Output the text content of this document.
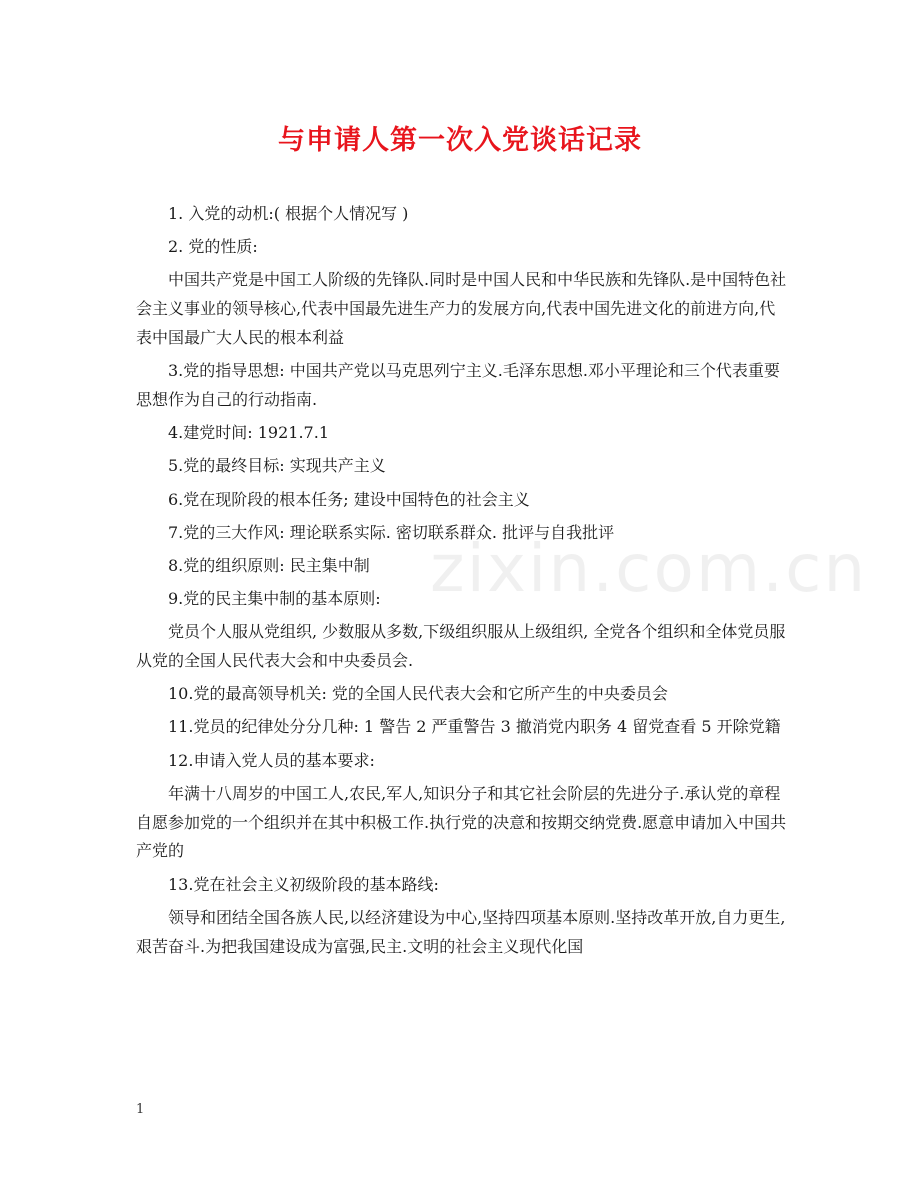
与申请人第一次入党谈话记录

1. 入党的动机:( 根据个人情况写 )

2. 党的性质:

中国共产党是中国工人阶级的先锋队.同时是中国人民和中华民族和先锋队.是中国特色社会主义事业的领导核心,代表中国最先进生产力的发展方向,代表中国先进文化的前进方向,代表中国最广大人民的根本利益

3.党的指导思想: 中国共产党以马克思列宁主义.毛泽东思想.邓小平理论和三个代表重要思想作为自己的行动指南.

4.建党时间: 1921.7.1

5.党的最终目标: 实现共产主义

6.党在现阶段的根本任务; 建设中国特色的社会主义

7.党的三大作风: 理论联系实际. 密切联系群众. 批评与自我批评

8.党的组织原则: 民主集中制

9.党的民主集中制的基本原则:

党员个人服从党组织, 少数服从多数,下级组织服从上级组织, 全党各个组织和全体党员服从党的全国人民代表大会和中央委员会.

10.党的最高领导机关: 党的全国人民代表大会和它所产生的中央委员会

11.党员的纪律处分分几种: 1 警告 2 严重警告 3 撤消党内职务 4 留党查看 5 开除党籍

12.申请入党人员的基本要求:

年满十八周岁的中国工人,农民,军人,知识分子和其它社会阶层的先进分子.承认党的章程自愿参加党的一个组织并在其中积极工作.执行党的决意和按期交纳党费.愿意申请加入中国共产党的

13.党在社会主义初级阶段的基本路线:

领导和团结全国各族人民,以经济建设为中心,坚持四项基本原则.坚持改革开放,自力更生,艰苦奋斗.为把我国建设成为富强,民主.文明的社会主义现代化国

zixin.com.cn
1
